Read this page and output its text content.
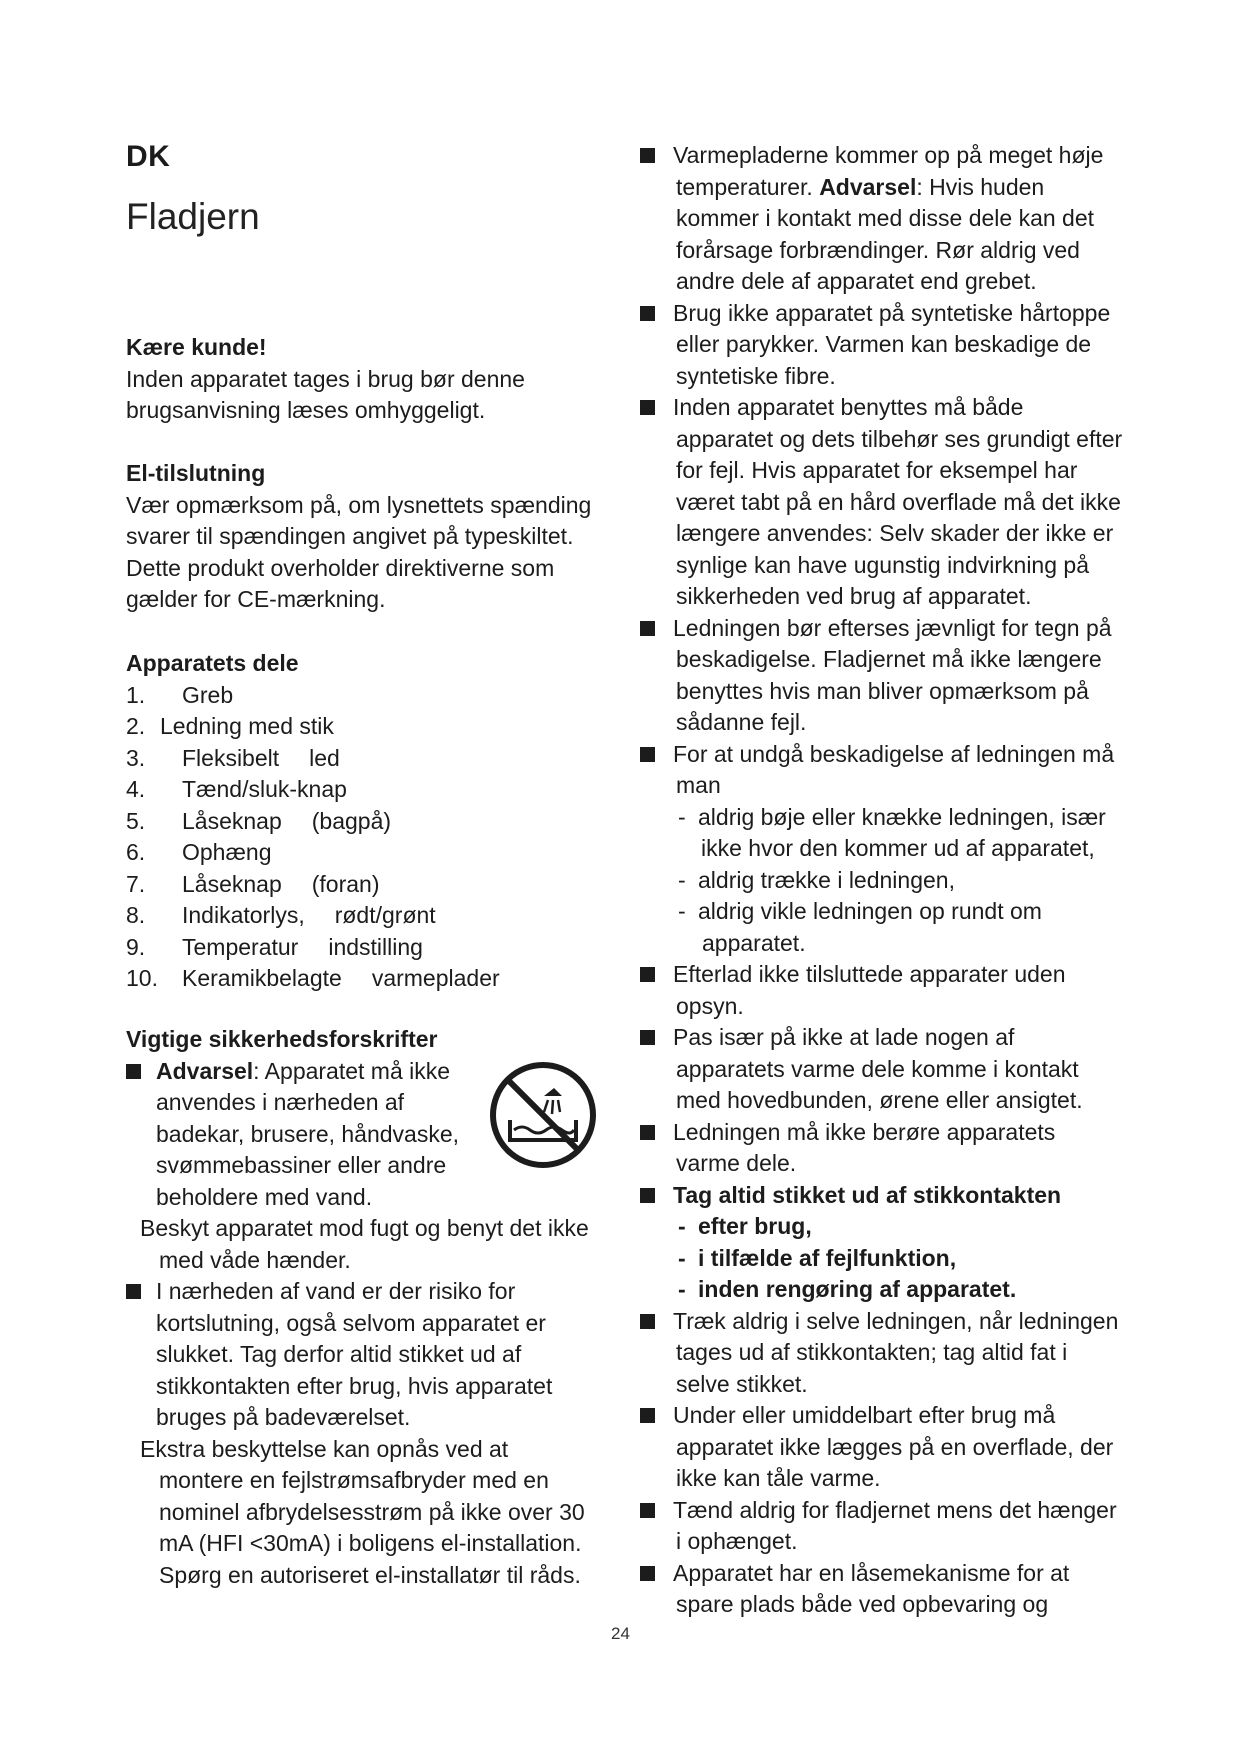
DK
Fladjern
Kære kunde!
Inden apparatet tages i brug bør denne
brugsanvisning læses omhyggeligt.
El-tilslutning
Vær opmærksom på, om lysnettets spænding
svarer til spændingen angivet på typeskiltet.
Dette produkt overholder direktiverne som
gælder for CE-mærkning.
Apparatets dele
1.	Greb
2. Ledning med stik
3.	Fleksibelt led
4.	Tænd/sluk-knap
5.	Låseknap (bagpå)
6.	Ophæng
7.	Låseknap (foran)
8.	Indikatorlys, rødt/grønt
9.	Temperatur indstilling
10.	Keramikbelagte varmeplader
Vigtige sikkerhedsforskrifter
Advarsel: Apparatet må ikke
anvendes i nærheden af
badekar, brusere, håndvaske,
svømmebassiner eller andre
beholdere med vand.
Beskyt apparatet mod fugt og benyt det ikke
med våde hænder.
I nærheden af vand er der risiko for
kortslutning, også selvom apparatet er
slukket. Tag derfor altid stikket ud af
stikkontakten efter brug, hvis apparatet
bruges på badeværelset.
Ekstra beskyttelse kan opnås ved at
montere en fejlstrømsafbryder med en
nominel afbrydelsesstrøm på ikke over 30
mA (HFI <30mA) i boligens el-installation.
Spørg en autoriseret el-installatør til råds.
Varmepladerne kommer op på meget høje
temperaturer. Advarsel: Hvis huden
kommer i kontakt med disse dele kan det
forårsage forbrændinger. Rør aldrig ved
andre dele af apparatet end grebet.
Brug ikke apparatet på syntetiske hårtoppe
eller parykker. Varmen kan beskadige de
syntetiske fibre.
Inden apparatet benyttes må både
apparatet og dets tilbehør ses grundigt efter
for fejl. Hvis apparatet for eksempel har
været tabt på en hård overflade må det ikke
længere anvendes: Selv skader der ikke er
synlige kan have ugunstig indvirkning på
sikkerheden ved brug af apparatet.
Ledningen bør efterses jævnligt for tegn på
beskadigelse. Fladjernet må ikke længere
benyttes hvis man bliver opmærksom på
sådanne fejl.
For at undgå beskadigelse af ledningen må
man
- aldrig bøje eller knække ledningen, især
ikke hvor den kommer ud af apparatet,
- aldrig trække i ledningen,
- aldrig vikle ledningen op rundt om
apparatet.
Efterlad ikke tilsluttede apparater uden
opsyn.
Pas især på ikke at lade nogen af
apparatets varme dele komme i kontakt
med hovedbunden, ørene eller ansigtet.
Ledningen må ikke berøre apparatets
varme dele.
Tag altid stikket ud af stikkontakten
- efter brug,
- i tilfælde af fejlfunktion,
- inden rengøring af apparatet.
Træk aldrig i selve ledningen, når ledningen
tages ud af stikkontakten; tag altid fat i
selve stikket.
Under eller umiddelbart efter brug må
apparatet ikke lægges på en overflade, der
ikke kan tåle varme.
Tænd aldrig for fladjernet mens det hænger
i ophænget.
Apparatet har en låsemekanisme for at
spare plads både ved opbevaring og
24
